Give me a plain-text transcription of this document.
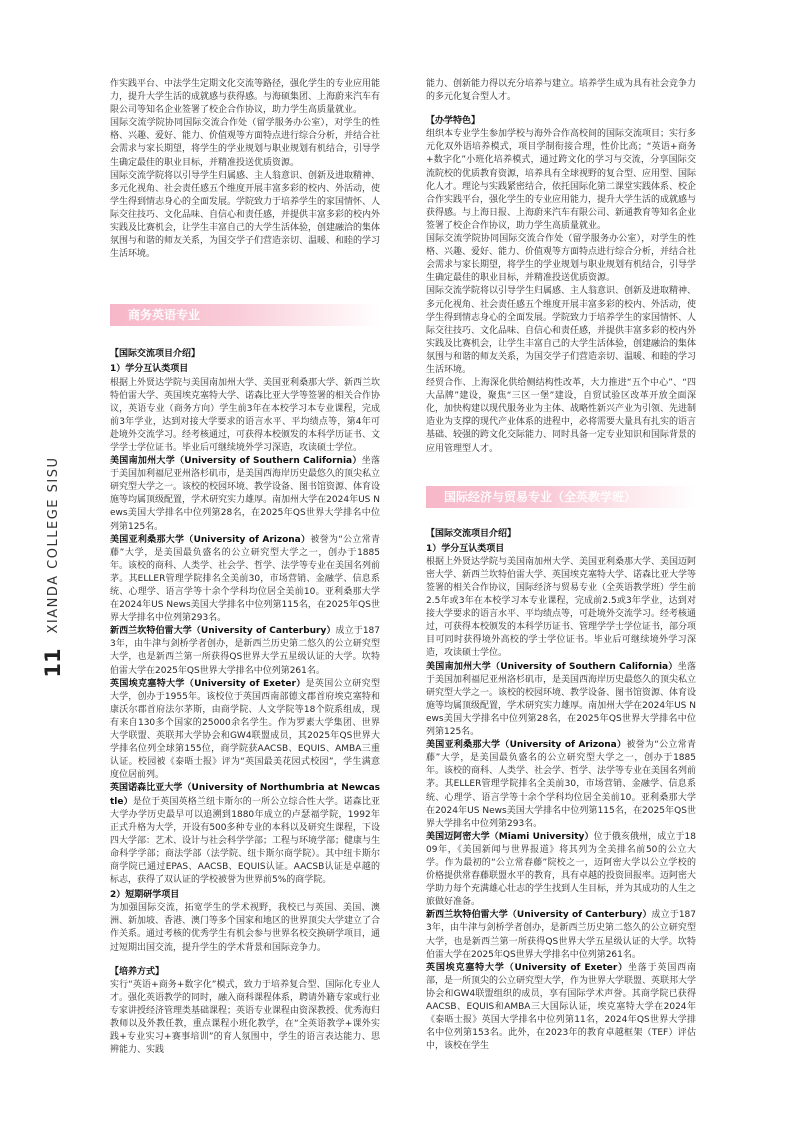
11
XIANDA COLLEGE SISU

作实践平台、中法学生定期文化交流等路径，强化学生的专业应用能力，提升大学生活的成就感与获得感。与海硕集团、上海蔚来汽车有限公司等知名企业签署了校企合作协议，助力学生高质量就业。

国际交流学院协同国际交流合作处（留学服务办公室），对学生的性格、兴趣、爱好、能力、价值观等方面特点进行综合分析，并结合社会需求与家长期望，将学生的学业规划与职业规划有机结合，引导学生确定最佳的职业目标，并精准投送优质资源。

国际交流学院将以引导学生归属感、主人翁意识、创新及进取精神、多元化视角、社会责任感五个维度开展丰富多彩的校内、外活动，使学生得到情志身心的全面发展。学院致力于培养学生的家国情怀、人际交往技巧、文化品味、自信心和责任感，并提供丰富多彩的校内外实践及比赛机会，让学生丰富自己的大学生活体验，创建融洽的集体氛围与和谐的师友关系，为国交学子们营造亲切、温暖、和睦的学习生活环境。

商务英语专业

【国际交流项目介绍】

1）学分互认类项目

根据上外贤达学院与美国南加州大学、美国亚利桑那大学、新西兰坎特伯雷大学、英国埃克塞特大学、诺森比亚大学等签署的相关合作协议，英语专业（商务方向）学生前3年在本校学习本专业课程，完成前3年学业，达到对接大学要求的语言水平、平均绩点等，第4年可赴境外交流学习。经考核通过，可获得本校颁发的本科学历证书、文学学士学位证书。毕业后可继续境外学习深造，攻读硕士学位。

美国南加州大学（University of Southern California）坐落于美国加利福尼亚州洛杉矶市，是美国西海岸历史最悠久的顶尖私立研究型大学之一。该校的校园环境、教学设备、图书馆资源、体育设施等均属顶级配置，学术研究实力雄厚。南加州大学在2024年US News美国大学排名中位列第28名，在2025年QS世界大学排名中位列第125名。

美国亚利桑那大学（University of Arizona）被誉为“公立常青藤”大学，是美国最负盛名的公立研究型大学之一，创办于1885年。该校的商科、人类学、社会学、哲学、法学等专业在美国名列前茅。其ELLER管理学院排名全美前30，市场营销、金融学、信息系统、心理学、语言学等十余个学科均位居全美前10。亚利桑那大学在2024年US News美国大学排名中位列第115名，在2025年QS世界大学排名中位列第293名。

新西兰坎特伯雷大学（University of Canterbury）成立于1873年，由牛津与剑桥学者创办，是新西兰历史第二悠久的公立研究型大学，也是新西兰第一所获得QS世界大学五星级认证的大学。坎特伯雷大学在2025年QS世界大学排名中位列第261名。

英国埃克塞特大学（University of Exeter）是英国公立研究型大学，创办于1955年。该校位于英国西南部德文郡首府埃克塞特和康沃尔郡首府法尔茅斯，由商学院、人文学院等18个院系组成，现有来自130多个国家的25000余名学生。作为罗素大学集团、世界大学联盟、英联邦大学协会和GW4联盟成员，其2025年QS世界大学排名位列全球第155位，商学院获AACSB、EQUIS、AMBA三重认证。校园被《泰晤士报》评为“英国最美花园式校园”，学生满意度位居前列。

英国诺森比亚大学（University of Northumbria at Newcastle）是位于英国英格兰纽卡斯尔的一所公立综合性大学。诺森比亚大学办学历史最早可以追溯到1880年成立的卢瑟福学院，1992年正式升格为大学，开设有500多种专业的本科以及研究生课程，下设四大学部：艺术、设计与社会科学学部；工程与环境学部；健康与生命科学学部；商法学部（法学院、纽卡斯尔商学院）。其中纽卡斯尔商学院已通过EPAS、AACSB、EQUIS认证。AACSB认证是卓越的标志，获得了双认证的学校被誉为世界前5%的商学院。

2）短期研学项目

为加强国际交流，拓宽学生的学术视野，我校已与英国、美国、澳洲、新加坡、香港、澳门等多个国家和地区的世界顶尖大学建立了合作关系。通过考核的优秀学生有机会参与世界名校交换研学项目，通过短期出国交流，提升学生的学术背景和国际竞争力。

【培养方式】

实行“英语+商务+数字化”模式，致力于培养复合型、国际化专业人才。强化英语教学的同时，融入商科课程体系，聘请外籍专家或行业专家讲授经济管理类基础课程；英语专业课程由资深教授、优秀海归教师以及外教任教，重点课程小班化教学，在“全英语教学+课外实践+专业实习+赛事培训”的育人氛围中，学生的语言表达能力、思辨能力、实践

能力、创新能力得以充分培养与建立。培养学生成为具有社会竞争力的多元化复合型人才。

【办学特色】

组织本专业学生参加学校与海外合作高校间的国际交流项目；实行多元化双外语培养模式，项目学制衔接合理，性价比高；“英语+商务+数字化”小班化培养模式，通过跨文化的学习与交流，分享国际交流院校的优质教育资源，培养具有全球视野的复合型、应用型、国际化人才。理论与实践紧密结合，依托国际化第二课堂实践体系、校企合作实践平台，强化学生的专业应用能力，提升大学生活的成就感与获得感。与上海日报、上海蔚来汽车有限公司、新通教育等知名企业签署了校企合作协议，助力学生高质量就业。

国际交流学院协同国际交流合作处（留学服务办公室），对学生的性格、兴趣、爱好、能力、价值观等方面特点进行综合分析，并结合社会需求与家长期望，将学生的学业规划与职业规划有机结合，引导学生确定最佳的职业目标，并精准投送优质资源。

国际交流学院将以引导学生归属感、主人翁意识、创新及进取精神、多元化视角、社会责任感五个维度开展丰富多彩的校内、外活动，使学生得到情志身心的全面发展。学院致力于培养学生的家国情怀、人际交往技巧、文化品味、自信心和责任感，并提供丰富多彩的校内外实践及比赛机会，让学生丰富自己的大学生活体验，创建融洽的集体氛围与和谐的师友关系，为国交学子们营造亲切、温暖、和睦的学习生活环境。

经贸合作、上海深化供给侧结构性改革，大力推进“五个中心”、“四大品牌”建设，聚焦“三区一堡”建设，自贸试验区改革开放全面深化，加快构建以现代服务业为主体、战略性新兴产业为引领、先进制造业为支撑的现代产业体系的进程中，必将需要大量具有扎实的语言基础、较强的跨文化交际能力、同时具备一定专业知识和国际背景的应用管理型人才。

国际经济与贸易专业（全英教学班）

【国际交流项目介绍】

1）学分互认类项目

根据上外贤达学院与美国南加州大学、美国亚利桑那大学、美国迈阿密大学、新西兰坎特伯雷大学、英国埃克塞特大学、诺森比亚大学等签署的相关合作协议，国际经济与贸易专业（全英语教学班）学生前2.5年或3年在本校学习本专业课程，完成前2.5或3年学业，达到对接大学要求的语言水平、平均绩点等，可赴境外交流学习。经考核通过，可获得本校颁发的本科学历证书、管理学学士学位证书，部分项目可同时获得境外高校的学士学位证书。毕业后可继续境外学习深造，攻读硕士学位。

美国南加州大学（University of Southern California）坐落于美国加利福尼亚州洛杉矶市，是美国西海岸历史最悠久的顶尖私立研究型大学之一。该校的校园环境、教学设备、图书馆资源、体育设施等均属顶级配置，学术研究实力雄厚。南加州大学在2024年US News美国大学排名中位列第28名，在2025年QS世界大学排名中位列第125名。

美国亚利桑那大学（University of Arizona）被誉为“公立常青藤”大学，是美国最负盛名的公立研究型大学之一，创办于1885年。该校的商科、人类学、社会学、哲学、法学等专业在美国名列前茅。其ELLER管理学院排名全美前30，市场营销、金融学、信息系统、心理学、语言学等十余个学科均位居全美前10。亚利桑那大学在2024年US News美国大学排名中位列第115名，在2025年QS世界大学排名中位列第293名。

美国迈阿密大学（Miami University）位于俄亥俄州，成立于1809年，《美国新闻与世界报道》将其列为全美排名前50的公立大学。作为最初的“公立常春藤”院校之一，迈阿密大学以公立学校的价格提供常春藤联盟水平的教育，具有卓越的投资回报率。迈阿密大学助力每个充满雄心壮志的学生找到人生目标，并为其成功的人生之旅做好准备。

新西兰坎特伯雷大学（University of Canterbury）成立于1873年，由牛津与剑桥学者创办，是新西兰历史第二悠久的公立研究型大学，也是新西兰第一所获得QS世界大学五星级认证的大学。坎特伯雷大学在2025年QS世界大学排名中位列第261名。

英国埃克塞特大学（University of Exeter）坐落于英国西南部，是一所顶尖的公立研究型大学，作为世界大学联盟、英联邦大学协会和GW4联盟组织的成员，享有国际学术声誉。其商学院已获得AACSB、EQUIS和AMBA三大国际认证，埃克塞特大学在2024年《泰晤士报》英国大学排名中位列第11名，2024年QS世界大学排名中位列第153名。此外，在2023年的教育卓越框架（TEF）评估中，该校在学生
